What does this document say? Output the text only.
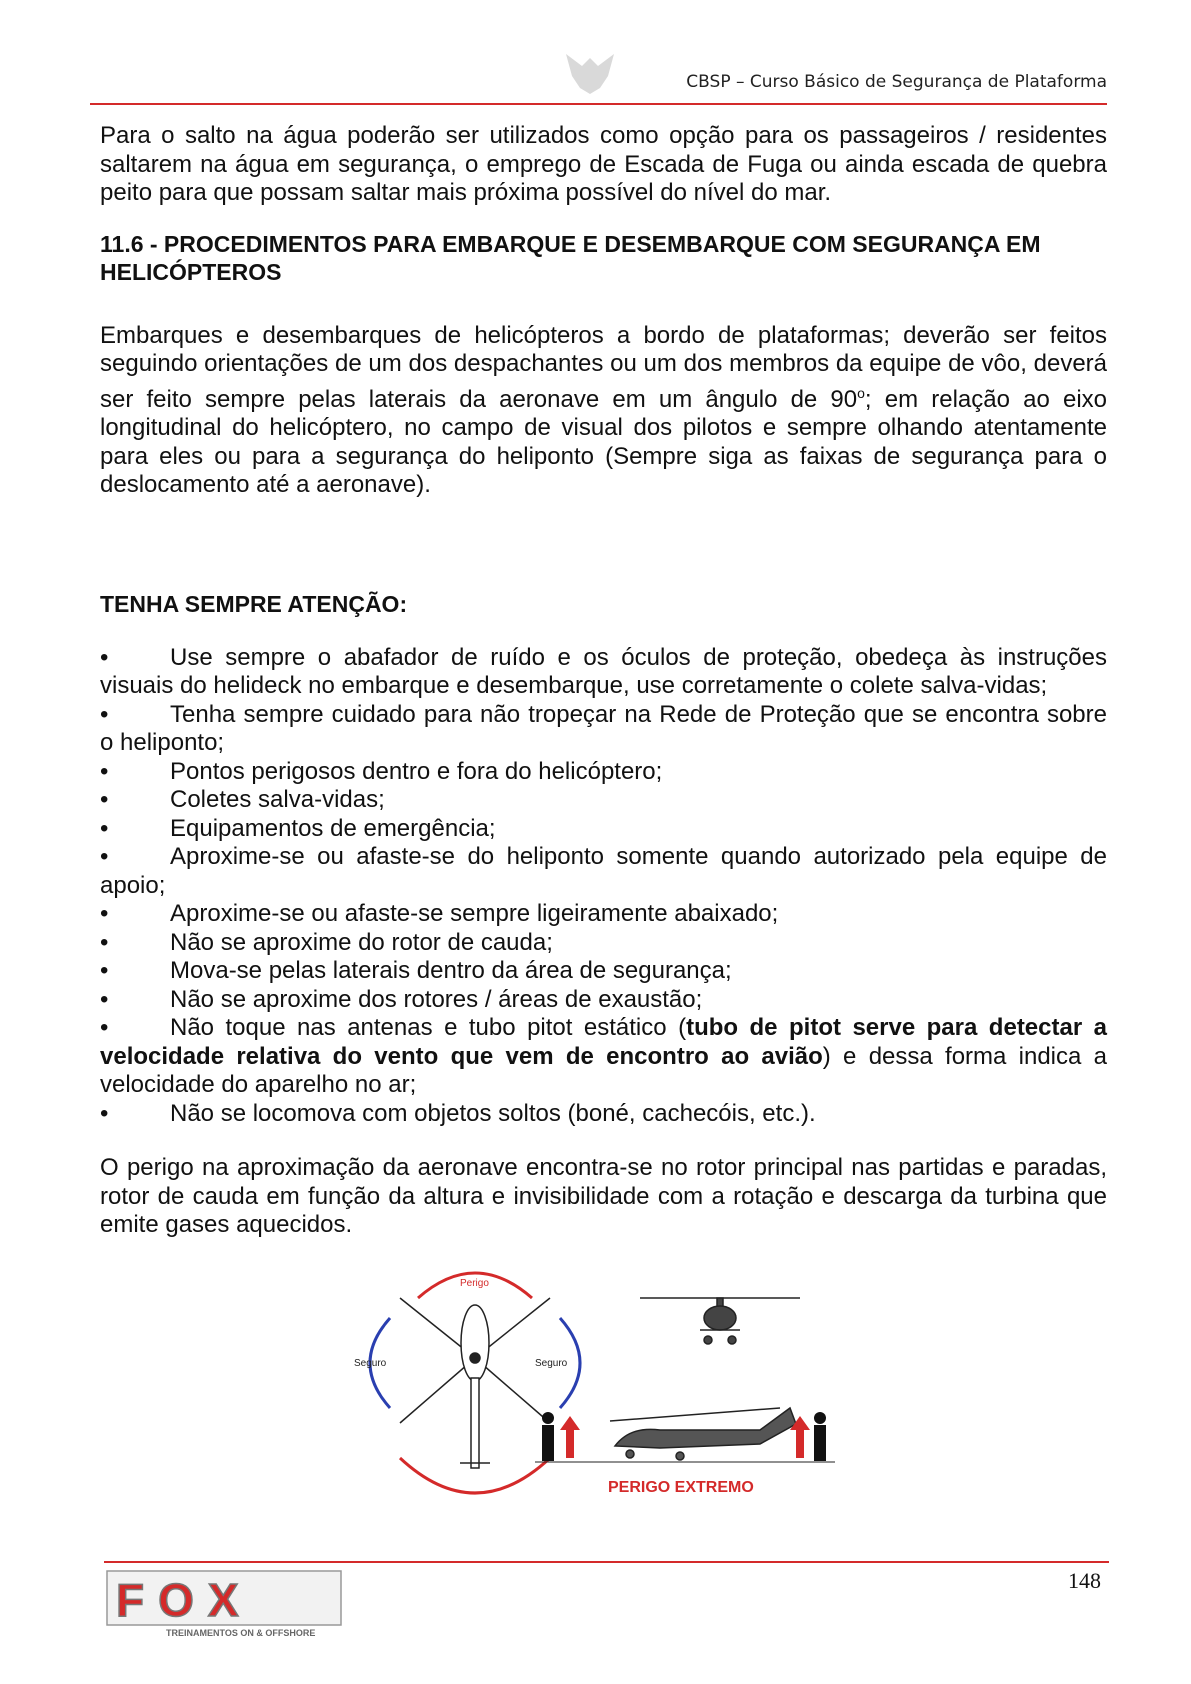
CBSP – Curso Básico de Segurança de Plataforma

Para o salto na água poderão ser utilizados como opção para os passageiros / residentes saltarem na água em segurança, o emprego de Escada de Fuga ou ainda escada de quebra peito para que possam saltar mais próxima possível do nível do mar.

11.6 - PROCEDIMENTOS PARA EMBARQUE E DESEMBARQUE COM SEGURANÇA EM HELICÓPTEROS

Embarques e desembarques de helicópteros a bordo de plataformas; deverão ser feitos seguindo orientações de um dos despachantes ou um dos membros da equipe de vôo, deverá ser feito sempre pelas laterais da aeronave em um ângulo de 90$^o$; em relação ao eixo longitudinal do helicóptero, no campo de visual dos pilotos e sempre olhando atentamente para eles ou para a segurança do heliponto (Sempre siga as faixas de segurança para o deslocamento até a aeronave).

TENHA SEMPRE ATENÇÃO:
•	Use sempre o abafador de ruído e os óculos de proteção, obedeça às instruções visuais do helideck no embarque e desembarque, use corretamente o colete salva-vidas;
•	Tenha sempre cuidado para não tropeçar na Rede de Proteção que se encontra sobre o heliponto;
•	Pontos perigosos dentro e fora do helicóptero;
•	Coletes salva-vidas;
•	Equipamentos de emergência;
•	Aproxime-se ou afaste-se do heliponto somente quando autorizado pela equipe de apoio;
•	Aproxime-se ou afaste-se sempre ligeiramente abaixado;
•	Não se aproxime do rotor de cauda;
•	Mova-se pelas laterais dentro da área de segurança;
•	Não se aproxime dos rotores / áreas de exaustão;
•	Não toque nas antenas e tubo pitot estático (tubo de pitot serve para detectar a velocidade relativa do vento que vem de encontro ao avião) e dessa forma indica a velocidade do aparelho no ar;
•	Não se locomova com objetos soltos (boné, cachecóis, etc.).

O perigo na aproximação da aeronave encontra-se no rotor principal nas partidas e paradas, rotor de cauda em função da altura e invisibilidade com a rotação e descarga da turbina que emite gases aquecidos.

Perigo
Seguro	Seguro
PERIGO EXTREMO
148
FOX
TREINAMENTOS ON & OFFSHORE
